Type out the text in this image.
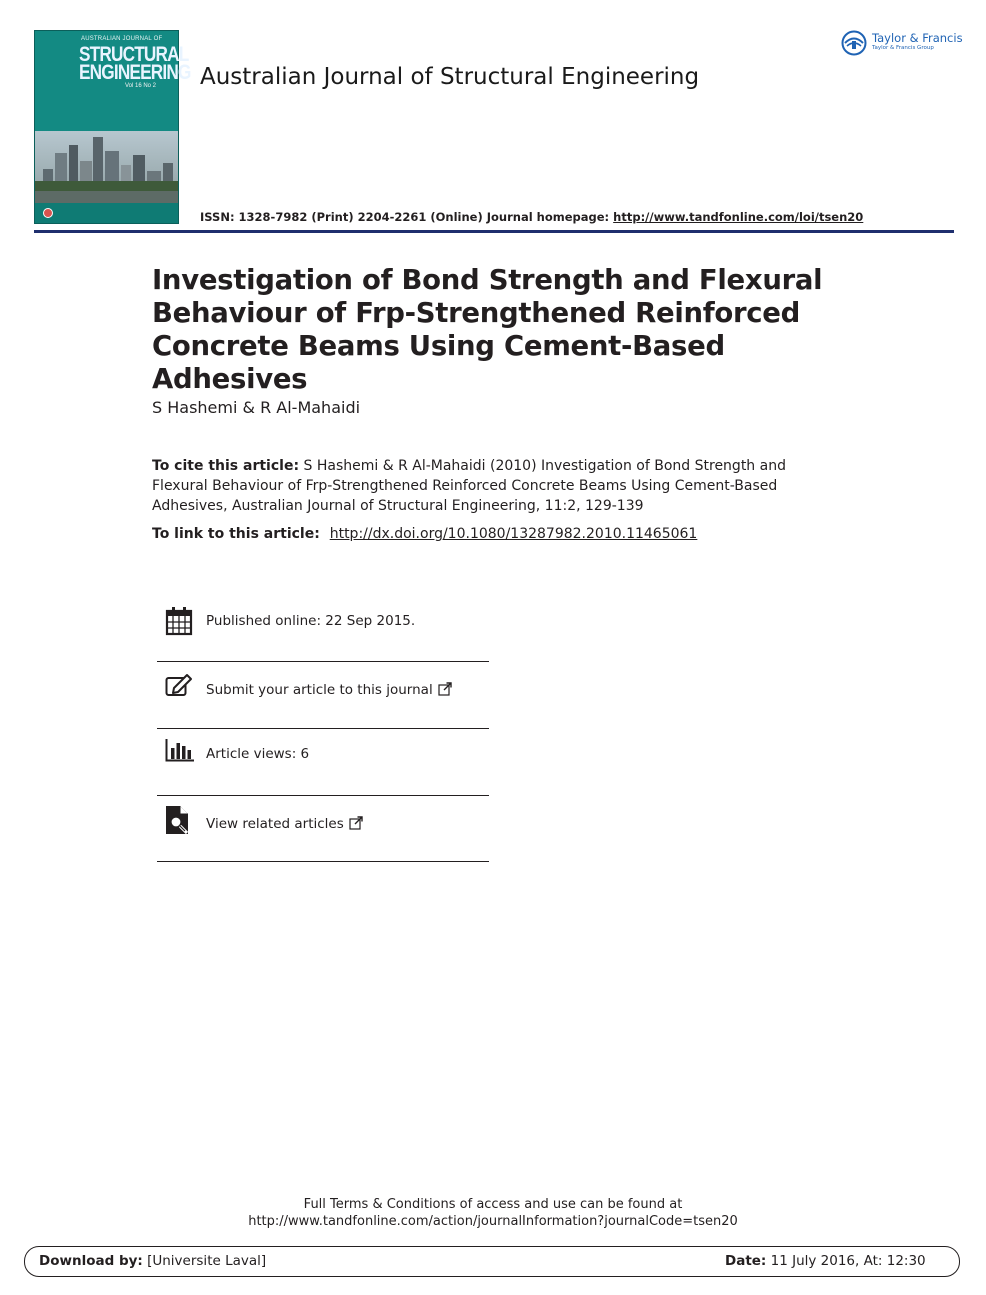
AUSTRALIAN JOURNAL OF
STRUCTURAL
ENGINEERING
Vol 16 No 2 Australian Journal of Structural Engineering
ISSN: 1328-7982 (Print) 2204-2261 (Online) Journal homepage: http://www.tandfonline.com/loi/tsen20
Taylor & Francis
Taylor & Francis Group
Investigation of Bond Strength and Flexural
Behaviour of Frp-Strengthened Reinforced
Concrete Beams Using Cement-Based Adhesives
S Hashemi & R Al-Mahaidi
To cite this article: S Hashemi & R Al-Mahaidi (2010) Investigation of Bond Strength and Flexural Behaviour of Frp-Strengthened Reinforced Concrete Beams Using Cement-Based Adhesives, Australian Journal of Structural Engineering, 11:2, 129-139
To link to this article: http://dx.doi.org/10.1080/13287982.2010.11465061
Published online: 22 Sep 2015.
Submit your article to this journal
Article views: 6
View related articles
Full Terms & Conditions of access and use can be found at
http://www.tandfonline.com/action/journalInformation?journalCode=tsen20
Download by: [Universite Laval]	Date: 11 July 2016, At: 12:30
